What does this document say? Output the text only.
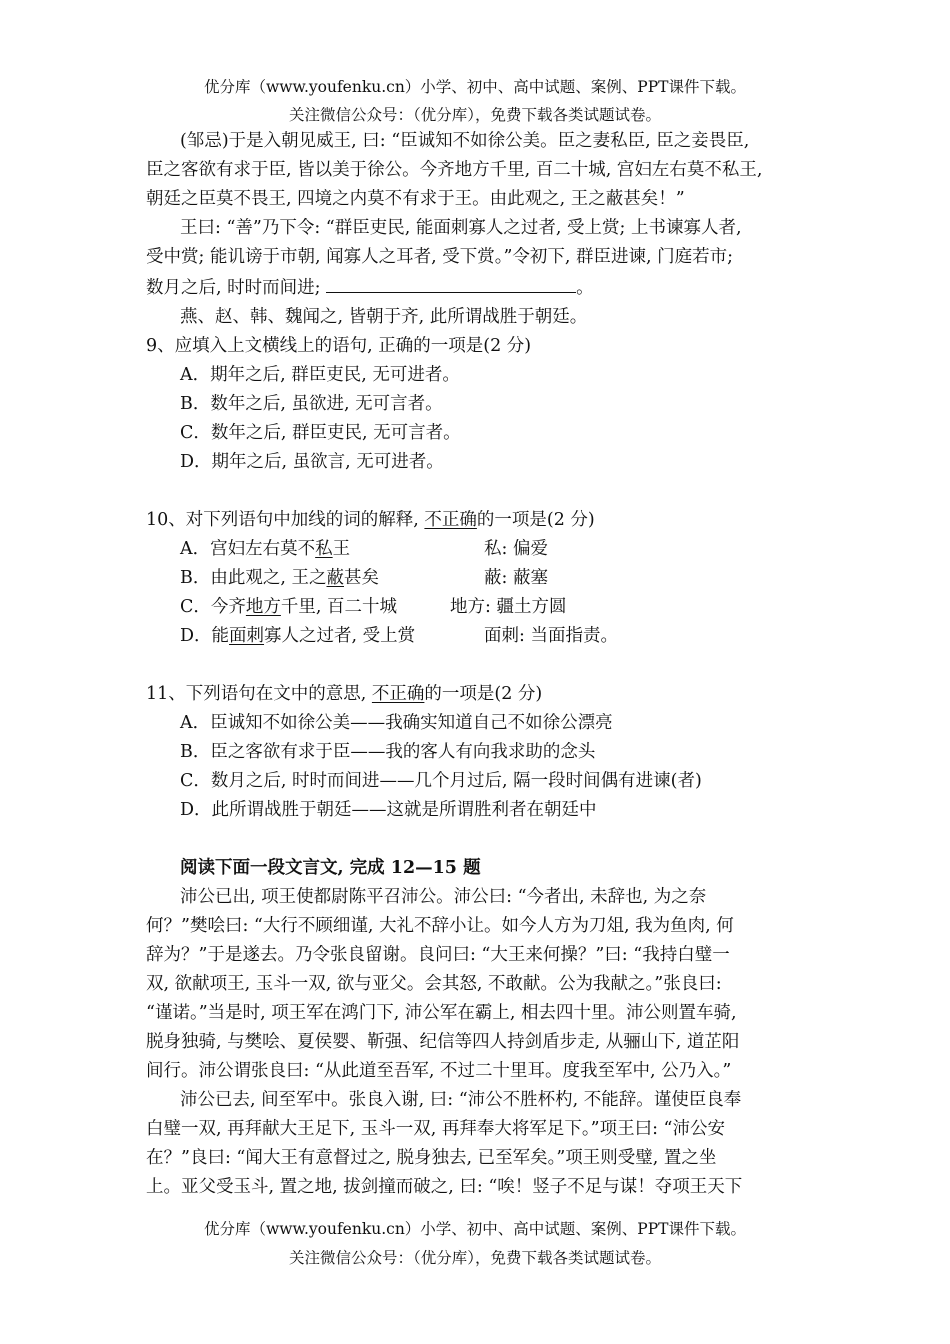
优分库（www.youfenku.cn）小学、初中、高中试题、案例、PPT课件下载。
关注微信公众号：（优分库），免费下载各类试题试卷。

(邹忌)于是入朝见威王, 曰: “臣诚知不如徐公美。臣之妻私臣, 臣之妾畏臣,

臣之客欲有求于臣, 皆以美于徐公。今齐地方千里, 百二十城, 宫妇左右莫不私王,

朝廷之臣莫不畏王, 四境之内莫不有求于王。由此观之, 王之蔽甚矣！”

王曰: “善”乃下令: “群臣吏民, 能面刺寡人之过者, 受上赏; 上书谏寡人者,

受中赏; 能讥谤于市朝, 闻寡人之耳者, 受下赏。”令初下, 群臣进谏, 门庭若市;

数月之后, 时时而间进;	。

燕、赵、韩、魏闻之, 皆朝于齐, 此所谓战胜于朝廷。

9、应填入上文横线上的语句, 正确的一项是(2 分)

A．期年之后, 群臣吏民, 无可进者。

B．数年之后, 虽欲进, 无可言者。

C．数年之后, 群臣吏民, 无可言者。

D．期年之后, 虽欲言, 无可进者。

10、对下列语句中加线的词的解释, 不正确的一项是(2 分)

A．宫妇左右莫不私王	私: 偏爱

B．由此观之, 王之蔽甚矣	蔽: 蔽塞

C．今齐地方千里, 百二十城	地方: 疆土方圆

D．能面刺寡人之过者, 受上赏	面刺: 当面指责。

11、下列语句在文中的意思, 不正确的一项是(2 分)

A．臣诚知不如徐公美——我确实知道自己不如徐公漂亮

B．臣之客欲有求于臣——我的客人有向我求助的念头

C．数月之后, 时时而间进——几个月过后, 隔一段时间偶有进谏(者)

D．此所谓战胜于朝廷——这就是所谓胜利者在朝廷中

阅读下面一段文言文, 完成 12—15 题

沛公已出, 项王使都尉陈平召沛公。沛公曰: “今者出, 未辞也, 为之奈

何？”樊哙曰: “大行不顾细谨, 大礼不辞小让。如今人方为刀俎, 我为鱼肉, 何

辞为？”于是遂去。乃令张良留谢。良问曰: “大王来何操？”曰: “我持白璧一

双, 欲献项王, 玉斗一双, 欲与亚父。会其怒, 不敢献。公为我献之。”张良曰:

“谨诺。”当是时, 项王军在鸿门下, 沛公军在霸上, 相去四十里。沛公则置车骑,

脱身独骑, 与樊哙、夏侯婴、靳强、纪信等四人持剑盾步走, 从骊山下, 道芷阳

间行。沛公谓张良曰: “从此道至吾军, 不过二十里耳。度我至军中, 公乃入。”

沛公已去, 间至军中。张良入谢, 曰: “沛公不胜杯杓, 不能辞。谨使臣良奉

白璧一双, 再拜献大王足下, 玉斗一双, 再拜奉大将军足下。”项王曰: “沛公安

在？”良曰: “闻大王有意督过之, 脱身独去, 已至军矣。”项王则受璧, 置之坐

上。亚父受玉斗, 置之地, 拔剑撞而破之, 曰: “唉！竖子不足与谋！夺项王天下

优分库（www.youfenku.cn）小学、初中、高中试题、案例、PPT课件下载。
关注微信公众号：（优分库），免费下载各类试题试卷。
